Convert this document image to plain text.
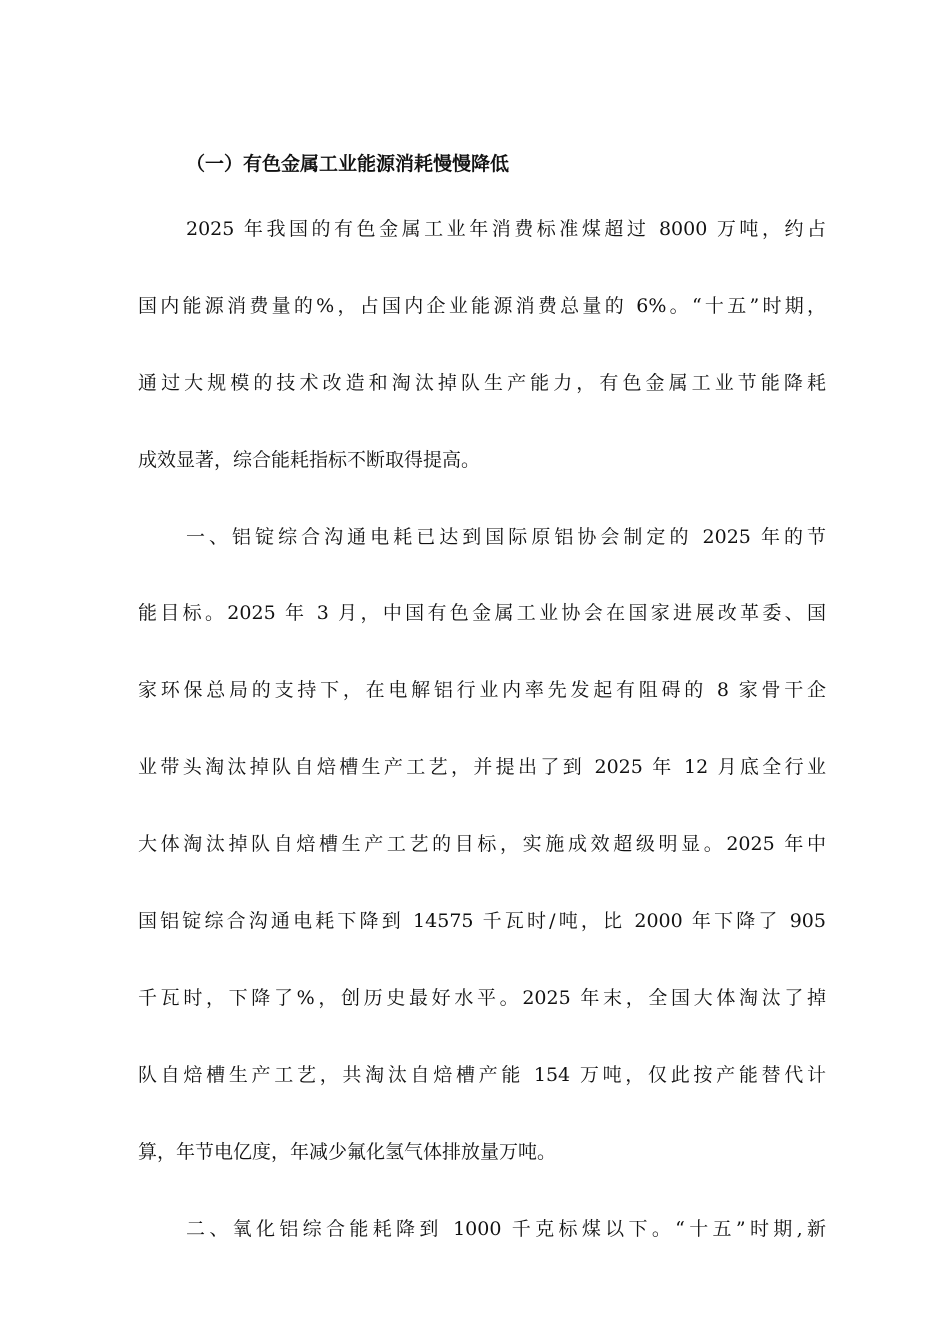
（一）有色金属工业能源消耗慢慢降低
2025 年我国的有色金属工业年消费标准煤超过 8000 万吨，约占
国内能源消费量的%，占国内企业能源消费总量的 6%。“十五”时期，
通过大规模的技术改造和淘汰掉队生产能力，有色金属工业节能降耗
成效显著，综合能耗指标不断取得提高。
一、铝锭综合沟通电耗已达到国际原铝协会制定的 2025 年的节
能目标。2025 年 3 月，中国有色金属工业协会在国家进展改革委、国
家环保总局的支持下，在电解铝行业内率先发起有阻碍的 8 家骨干企
业带头淘汰掉队自焙槽生产工艺，并提出了到 2025 年 12 月底全行业
大体淘汰掉队自焙槽生产工艺的目标，实施成效超级明显。2025 年中
国铝锭综合沟通电耗下降到 14575 千瓦时/吨，比 2000 年下降了 905
千瓦时，下降了%，创历史最好水平。2025 年末，全国大体淘汰了掉
队自焙槽生产工艺，共淘汰自焙槽产能 154 万吨，仅此按产能替代计
算，年节电亿度，年减少氟化氢气体排放量万吨。
二、氧化铝综合能耗降到 1000 千克标煤以下。“十五”时期,新
